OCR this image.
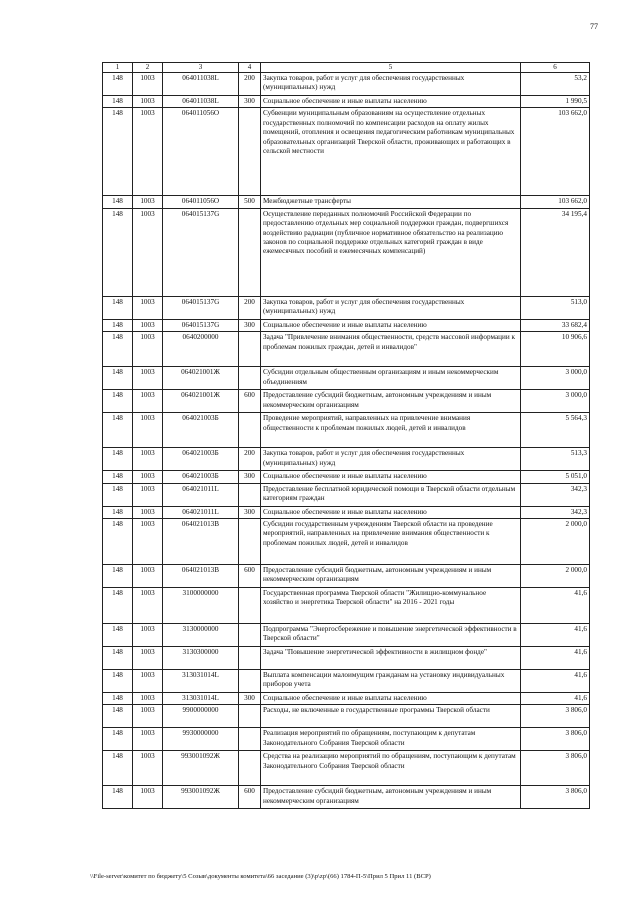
77
1	2	3	4	5	6
148	1003	064011038L	200	Закупка товаров, работ и услуг для обеспечения государственных (муниципальных) нужд	53,2
148	1003	064011038L	300	Социальное обеспечение и иные выплаты населению	1 990,5
148	1003	064011056O		Субвенции муниципальным образованиям на осуществление отдельных государственных полномочий по компенсации расходов на оплату жилых помещений, отопления и освещения педагогическим работникам муниципальных образовательных организаций Тверской области, проживающих и работающих в сельской местности	103 662,0
148	1003	064011056O	500	Межбюджетные трансферты	103 662,0
148	1003	064015137G		Осуществление переданных полномочий Российской Федерации по предоставлению отдельных мер социальной поддержки граждан, подвергшихся воздействию радиации (публичное нормативное обязательство на реализацию законов по социальной поддержке отдельных категорий граждан в виде ежемесячных пособий и ежемесячных компенсаций)	34 195,4
148	1003	064015137G	200	Закупка товаров, работ и услуг для обеспечения государственных (муниципальных) нужд	513,0
148	1003	064015137G	300	Социальное обеспечение и иные выплаты населению	33 682,4
148	1003	0640200000		Задача "Привлечение внимания общественности, средств массовой информации к проблемам пожилых граждан, детей и инвалидов"	10 906,6
148	1003	064021001Ж		Субсидии отдельным общественным организациям и иным некоммерческим объединениям	3 000,0
148	1003	064021001Ж	600	Предоставление субсидий бюджетным, автономным учреждениям и иным некоммерческим организациям	3 000,0
148	1003	064021003Б		Проведение мероприятий, направленных на привлечение внимания общественности к проблемам пожилых людей, детей и инвалидов	5 564,3
148	1003	064021003Б	200	Закупка товаров, работ и услуг для обеспечения государственных (муниципальных) нужд	513,3
148	1003	064021003Б	300	Социальное обеспечение и иные выплаты населению	5 051,0
148	1003	064021011L		Предоставление бесплатной юридической помощи в Тверской области отдельным категориям граждан	342,3
148	1003	064021011L	300	Социальное обеспечение и иные выплаты населению	342,3
148	1003	064021013B		Субсидии государственным учреждениям Тверской области на проведение мероприятий, направленных на привлечение внимания общественности к проблемам пожилых людей, детей и инвалидов	2 000,0
148	1003	064021013B	600	Предоставление субсидий бюджетным, автономным учреждениям и иным некоммерческим организациям	2 000,0
148	1003	3100000000		Государственная программа Тверской области "Жилищно-коммунальное хозяйство и энергетика Тверской области" на 2016 - 2021 годы	41,6
148	1003	3130000000		Подпрограмма "Энергосбережение и повышение энергетической эффективности в Тверской области"	41,6
148	1003	3130300000		Задача "Повышение энергетической эффективности в жилищном фонде"	41,6
148	1003	313031014L		Выплата компенсации малоимущим гражданам на установку индивидуальных приборов учета	41,6
148	1003	313031014L	300	Социальное обеспечение и иные выплаты населению	41,6
148	1003	9900000000		Расходы, не включенные в государственные программы Тверской области	3 806,0
148	1003	9930000000		Реализация мероприятий по обращениям, поступающим к депутатам Законодательного Собрания Тверской области	3 806,0
148	1003	993001092Ж		Средства на реализацию мероприятий по обращениям, поступающим к депутатам Законодательного Собрания Тверской области	3 806,0
148	1003	993001092Ж	600	Предоставление субсидий бюджетным, автономным учреждениям и иным некоммерческим организациям	3 806,0
\\File-server\комитет по бюджету\5 Созыв\документы комитета\66 заседание (3)\р\zp\(66) 1784-П-5\Прил 5 Прил 11 (ВСР)
